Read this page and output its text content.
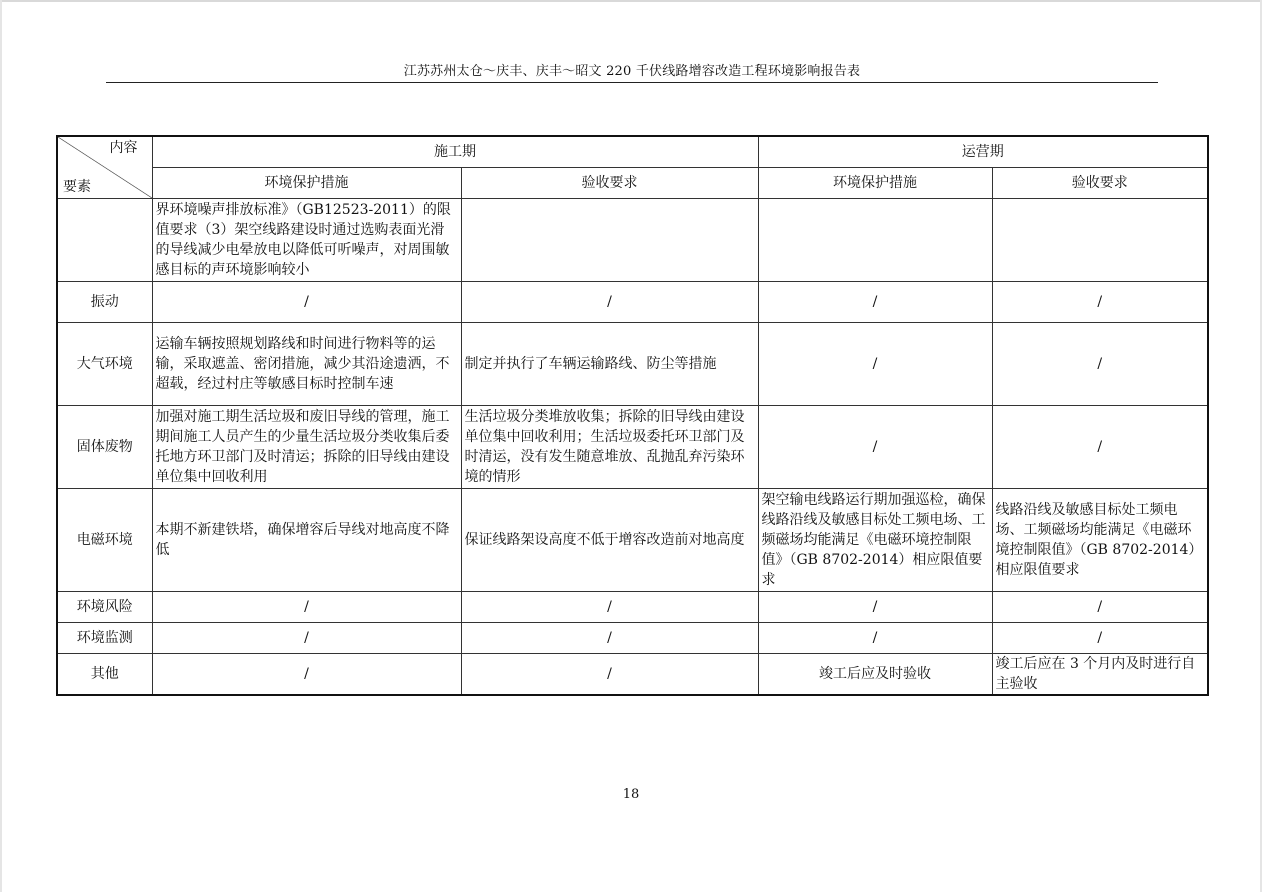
江苏苏州太仓～庆丰、庆丰～昭文 220 千伏线路增容改造工程环境影响报告表
内容
要素	施工期		运营期	
	环境保护措施	验收要求	环境保护措施	验收要求
	界环境噪声排放标准》（GB12523-2011）的限值要求（3）架空线路建设时通过选购表面光滑的导线减少电晕放电以降低可听噪声，对周围敏感目标的声环境影响较小			
振动	/	/	/	/
大气环境	运输车辆按照规划路线和时间进行物料等的运输，采取遮盖、密闭措施，减少其沿途遗洒，不超载，经过村庄等敏感目标时控制车速	制定并执行了车辆运输路线、防尘等措施	/	/
固体废物	加强对施工期生活垃圾和废旧导线的管理，施工期间施工人员产生的少量生活垃圾分类收集后委托地方环卫部门及时清运；拆除的旧导线由建设单位集中回收利用	生活垃圾分类堆放收集；拆除的旧导线由建设单位集中回收利用；生活垃圾委托环卫部门及时清运，没有发生随意堆放、乱抛乱弃污染环境的情形	/	/
电磁环境	本期不新建铁塔，确保增容后导线对地高度不降低	保证线路架设高度不低于增容改造前对地高度	架空输电线路运行期加强巡检，确保线路沿线及敏感目标处工频电场、工频磁场均能满足《电磁环境控制限值》（GB 8702-2014）相应限值要求	线路沿线及敏感目标处工频电场、工频磁场均能满足《电磁环境控制限值》（GB 8702-2014）相应限值要求
环境风险	/	/	/	/
环境监测	/	/	/	/
其他	/	/	竣工后应及时验收	竣工后应在 3 个月内及时进行自主验收
18
